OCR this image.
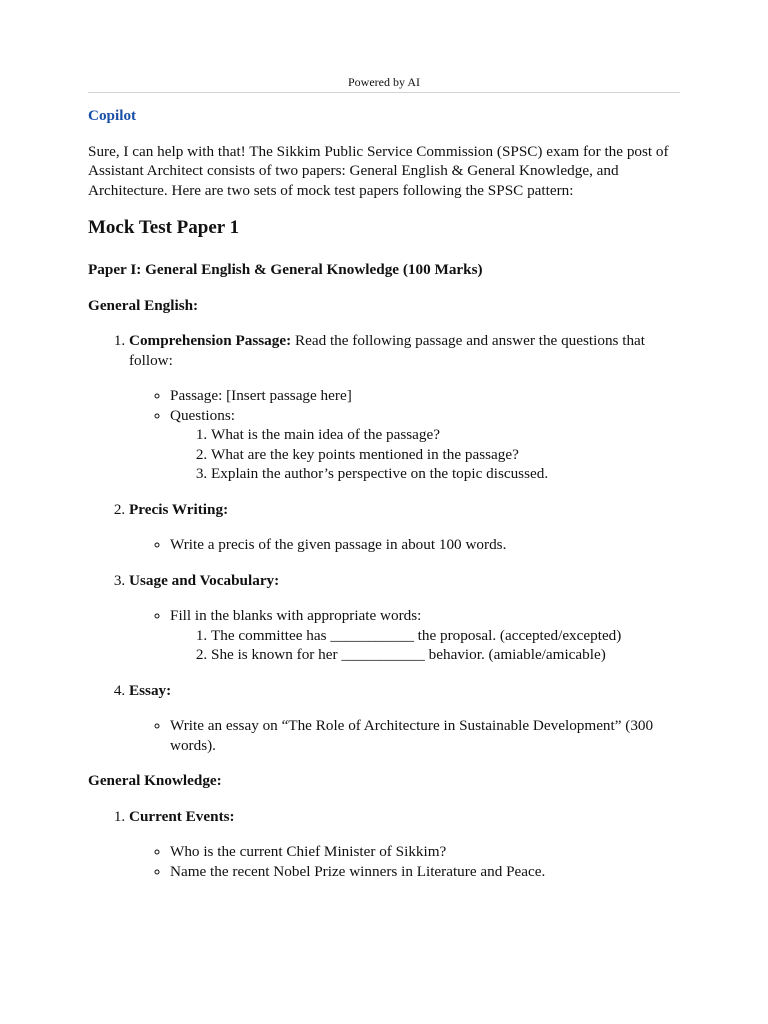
Powered by AI

Copilot

Sure, I can help with that! The Sikkim Public Service Commission (SPSC) exam for the post of Assistant Architect consists of two papers: General English & General Knowledge, and Architecture. Here are two sets of mock test papers following the SPSC pattern:

Mock Test Paper 1

Paper I: General English & General Knowledge (100 Marks)

General English:

1. Comprehension Passage: Read the following passage and answer the questions that follow:
◦ Passage: [Insert passage here]
◦ Questions:
1. What is the main idea of the passage?
2. What are the key points mentioned in the passage?
3. Explain the author’s perspective on the topic discussed.
2. Precis Writing:
◦ Write a precis of the given passage in about 100 words.
3. Usage and Vocabulary:
◦ Fill in the blanks with appropriate words:
1. The committee has ___________ the proposal. (accepted/excepted)
2. She is known for her ___________ behavior. (amiable/amicable)
4. Essay:
◦ Write an essay on “The Role of Architecture in Sustainable Development” (300 words).

General Knowledge:

1. Current Events:
◦ Who is the current Chief Minister of Sikkim?
◦ Name the recent Nobel Prize winners in Literature and Peace.
